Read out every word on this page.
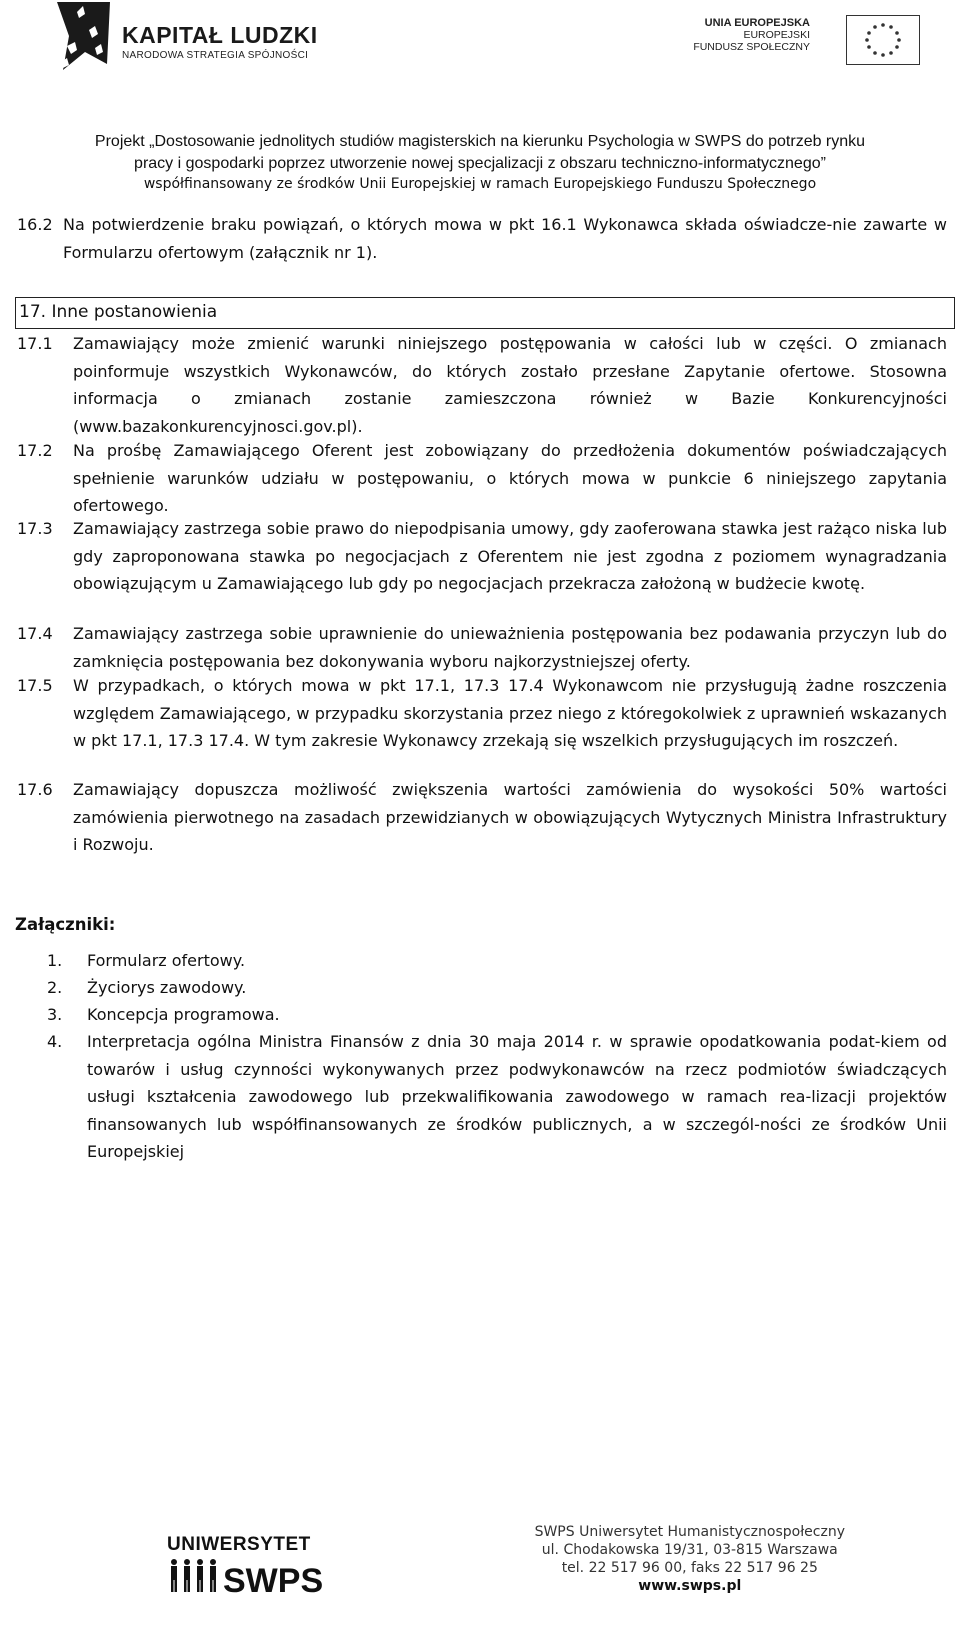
KAPITAŁ LUDZKI
NARODOWA STRATEGIA SPÓJNOŚCI
UNIA EUROPEJSKA
EUROPEJSKI
FUNDUSZ SPOŁECZNY
Projekt „Dostosowanie jednolitych studiów magisterskich na kierunku Psychologia w SWPS do potrzeb rynku
pracy i gospodarki poprzez utworzenie nowej specjalizacji z obszaru techniczno-informatycznego”
współfinansowany ze środków Unii Europejskiej w ramach Europejskiego Funduszu Społecznego
16.2 Na potwierdzenie braku powiązań, o których mowa w pkt 16.1 Wykonawca składa oświadcze-nie zawarte w Formularzu ofertowym (załącznik nr 1).
17. Inne postanowienia
17.1 Zamawiający może zmienić warunki niniejszego postępowania w całości lub w części. O zmianach poinformuje wszystkich Wykonawców, do których zostało przesłane Zapytanie ofertowe. Stosowna informacja o zmianach zostanie zamieszczona również w Bazie Konkurencyjności (www.bazakonkurencyjnosci.gov.pl).
17.2 Na prośbę Zamawiającego Oferent jest zobowiązany do przedłożenia dokumentów poświadczających spełnienie warunków udziału w postępowaniu, o których mowa w punkcie 6 niniejszego zapytania ofertowego.
17.3 Zamawiający zastrzega sobie prawo do niepodpisania umowy, gdy zaoferowana stawka jest rażąco niska lub gdy zaproponowana stawka po negocjacjach z Oferentem nie jest zgodna z poziomem wynagradzania obowiązującym u Zamawiającego lub gdy po negocjacjach przekracza założoną w budżecie kwotę.
17.4 Zamawiający zastrzega sobie uprawnienie do unieważnienia postępowania bez podawania przyczyn lub do zamknięcia postępowania bez dokonywania wyboru najkorzystniejszej oferty.
17.5 W przypadkach, o których mowa w pkt 17.1, 17.3 17.4 Wykonawcom nie przysługują żadne roszczenia względem Zamawiającego, w przypadku skorzystania przez niego z któregokolwiek z uprawnień wskazanych w pkt 17.1, 17.3 17.4. W tym zakresie Wykonawcy zrzekają się wszelkich przysługujących im roszczeń.
17.6 Zamawiający dopuszcza możliwość zwiększenia wartości zamówienia do wysokości 50% wartości zamówienia pierwotnego na zasadach przewidzianych w obowiązujących Wytycznych Ministra Infrastruktury i Rozwoju.
Załączniki:
1. Formularz ofertowy.
2. Życiorys zawodowy.
3. Koncepcja programowa.
4. Interpretacja ogólna Ministra Finansów z dnia 30 maja 2014 r. w sprawie opodatkowania podat-kiem od towarów i usług czynności wykonywanych przez podwykonawców na rzecz podmiotów świadczących usługi kształcenia zawodowego lub przekwalifikowania zawodowego w ramach rea-lizacji projektów finansowanych lub współfinansowanych ze środków publicznych, a w szczegól-ności ze środków Unii Europejskiej
UNIWERSYTET
SWPS
SWPS Uniwersytet Humanistycznospołeczny
ul. Chodakowska 19/31, 03-815 Warszawa
tel. 22 517 96 00, faks 22 517 96 25
www.swps.pl
